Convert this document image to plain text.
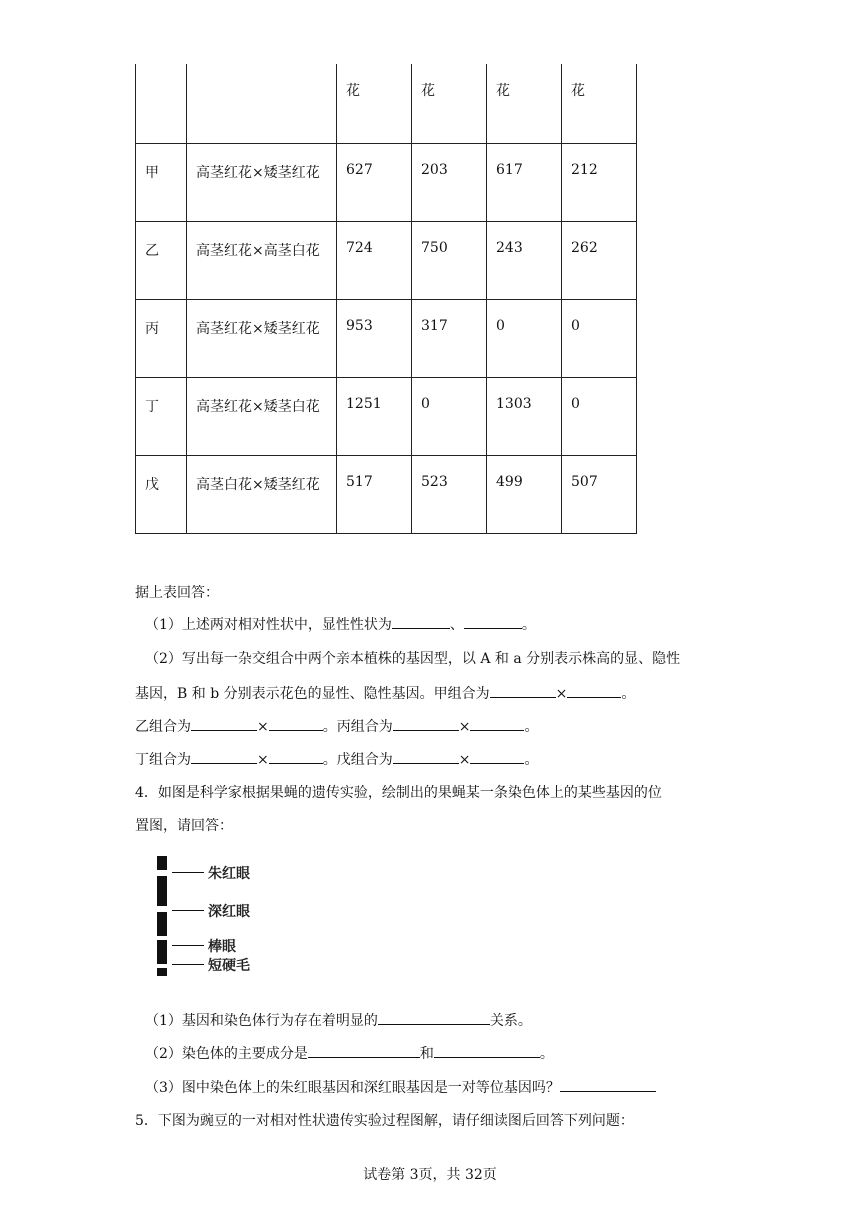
		花	花	花	花
甲	高茎红花×矮茎红花	627	203	617	212
乙	高茎红花×高茎白花	724	750	243	262
丙	高茎红花×矮茎红花	953	317	0	0
丁	高茎红花×矮茎白花	1251	0	1303	0
戊	高茎白花×矮茎红花	517	523	499	507
据上表回答：
（1）上述两对相对性状中，显性性状为	、	。
（2）写出每一杂交组合中两个亲本植株的基因型，以 A 和 a 分别表示株高的显、隐性
基因，B 和 b 分别表示花色的显性、隐性基因。甲组合为	×	。
乙组合为	×	。丙组合为	×	。
丁组合为	×	。戊组合为	×	。
4．如图是科学家根据果蝇的遗传实验，绘制出的果蝇某一条染色体上的某些基因的位
置图，请回答：
朱红眼
深红眼
棒眼
短硬毛
（1）基因和染色体行为存在着明显的	关系。
（2）染色体的主要成分是	和	。
（3）图中染色体上的朱红眼基因和深红眼基因是一对等位基因吗？
5．下图为豌豆的一对相对性状遗传实验过程图解，请仔细读图后回答下列问题：
试卷第 3页，共 32页
